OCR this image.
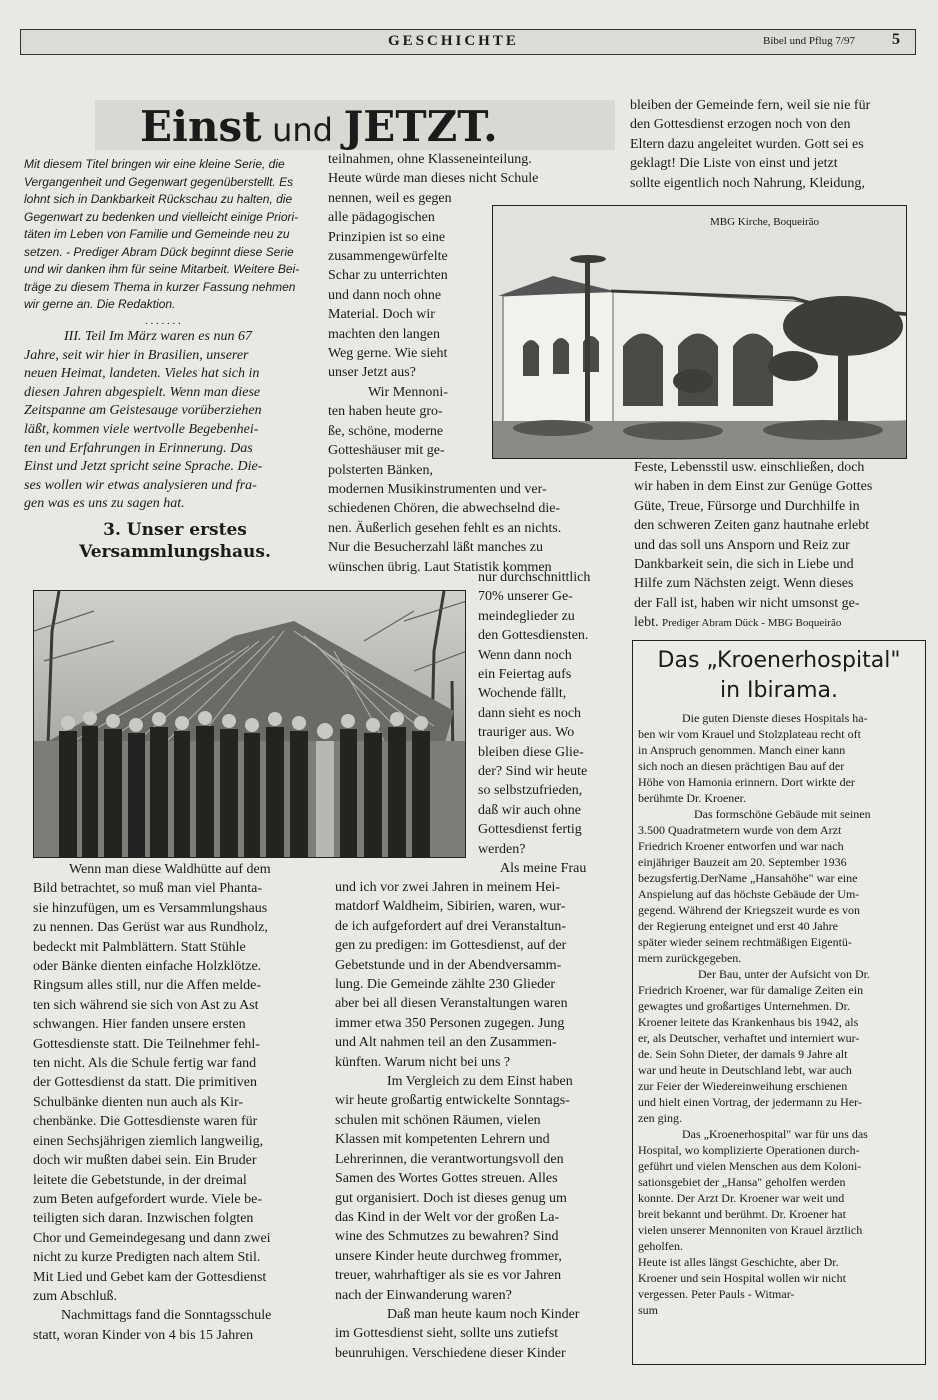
GESCHICHTE	Bibel und Pflug 7/97 5
Einst und JETZT.
Mit diesem Titel bringen wir eine kleine Serie, die
Vergangenheit und Gegenwart gegenüberstellt. Es
lohnt sich in Dankbarkeit Rückschau zu halten, die
Gegenwart zu bedenken und vielleicht einige Priori-
täten im Leben von Familie und Gemeinde neu zu
setzen. - Prediger Abram Dück beginnt diese Serie
und wir danken ihm für seine Mitarbeit. Weitere Bei-
träge zu diesem Thema in kurzer Fassung nehmen
wir gerne an. Die Redaktion.
. . . . . . .
III. Teil Im März waren es nun 67
Jahre, seit wir hier in Brasilien, unserer
neuen Heimat, landeten. Vieles hat sich in
diesen Jahren abgespielt. Wenn man diese
Zeitspanne am Geistesauge vorüberziehen
läßt, kommen viele wertvolle Begebenhei-
ten und Erfahrungen in Erinnerung. Das
Einst und Jetzt spricht seine Sprache. Die-
ses wollen wir etwas analysieren und fra-
gen was es uns zu sagen hat.
3. Unser erstes
Versammlungshaus.
Wenn man diese Waldhütte auf dem
Bild betrachtet, so muß man viel Phanta-
sie hinzufügen, um es Versammlungshaus
zu nennen. Das Gerüst war aus Rundholz,
bedeckt mit Palmblättern. Statt Stühle
oder Bänke dienten einfache Holzklötze.
Ringsum alles still, nur die Affen melde-
ten sich während sie sich von Ast zu Ast
schwangen. Hier fanden unsere ersten
Gottesdienste statt. Die Teilnehmer fehl-
ten nicht. Als die Schule fertig war fand
der Gottesdienst da statt. Die primitiven
Schulbänke dienten nun auch als Kir-
chenbänke. Die Gottesdienste waren für
einen Sechsjährigen ziemlich langweilig,
doch wir mußten dabei sein. Ein Bruder
leitete die Gebetstunde, in der dreimal
zum Beten aufgefordert wurde. Viele be-
teiligten sich daran. Inzwischen folgten
Chor und Gemeindegesang und dann zwei
nicht zu kurze Predigten nach altem Stil.
Mit Lied und Gebet kam der Gottesdienst
zum Abschluß.
Nachmittags fand die Sonntagsschule
statt, woran Kinder von 4 bis 15 Jahren
teilnahmen, ohne Klasseneinteilung.
Heute würde man dieses nicht Schule
nennen, weil es gegen
alle pädagogischen
Prinzipien ist so eine
zusammengewürfelte
Schar zu unterrichten
und dann noch ohne
Material. Doch wir
machten den langen
Weg gerne. Wie sieht
unser Jetzt aus?
Wir Mennoni-
ten haben heute gro-
ße, schöne, moderne
Gotteshäuser mit ge-
polsterten Bänken,
modernen Musikinstrumenten und ver-
schiedenen Chören, die abwechselnd die-
nen. Äußerlich gesehen fehlt es an nichts.
Nur die Besucherzahl läßt manches zu
wünschen übrig. Laut Statistik kommen
nur durchschnittlich
70% unserer Ge-
meindeglieder zu
den Gottesdiensten.
Wenn dann noch
ein Feiertag aufs
Wochende fällt,
dann sieht es noch
trauriger aus. Wo
bleiben diese Glie-
der? Sind wir heute
so selbstzufrieden,
daß wir auch ohne
Gottesdienst fertig
werden?
Als meine Frau
und ich vor zwei Jahren in meinem Hei-
matdorf Waldheim, Sibirien, waren, wur-
de ich aufgefordert auf drei Veranstaltun-
gen zu predigen: im Gottesdienst, auf der
Gebetstunde und in der Abendversamm-
lung. Die Gemeinde zählte 230 Glieder
aber bei all diesen Veranstaltungen waren
immer etwa 350 Personen zugegen. Jung
und Alt nahmen teil an den Zusammen-
künften. Warum nicht bei uns ?
Im Vergleich zu dem Einst haben
wir heute großartig entwickelte Sonntags-
schulen mit schönen Räumen, vielen
Klassen mit kompetenten Lehrern und
Lehrerinnen, die verantwortungsvoll den
Samen des Wortes Gottes streuen. Alles
gut organisiert. Doch ist dieses genug um
das Kind in der Welt vor der großen La-
wine des Schmutzes zu bewahren? Sind
unsere Kinder heute durchweg frommer,
treuer, wahrhaftiger als sie es vor Jahren
nach der Einwanderung waren?
Daß man heute kaum noch Kinder
im Gottesdienst sieht, sollte uns zutiefst
beunruhigen. Verschiedene dieser Kinder
bleiben der Gemeinde fern, weil sie nie für
den Gottesdienst erzogen noch von den
Eltern dazu angeleitet wurden. Gott sei es
geklagt! Die Liste von einst und jetzt
sollte eigentlich noch Nahrung, Kleidung,
MBG Kirche, Boqueirão
Feste, Lebensstil usw. einschließen, doch
wir haben in dem Einst zur Genüge Gottes
Güte, Treue, Fürsorge und Durchhilfe in
den schweren Zeiten ganz hautnahe erlebt
und das soll uns Ansporn und Reiz zur
Dankbarkeit sein, die sich in Liebe und
Hilfe zum Nächsten zeigt. Wenn dieses
der Fall ist, haben wir nicht umsonst ge-
lebt. Prediger Abram Dück - MBG Boqueirão
Das „Kroenerhospital"
in Ibirama.
Die guten Dienste dieses Hospitals ha-
ben wir vom Krauel und Stolzplateau recht oft
in Anspruch genommen. Manch einer kann
sich noch an diesen prächtigen Bau auf der
Höhe von Hamonia erinnern. Dort wirkte der
berühmte Dr. Kroener.
Das formschöne Gebäude mit seinen
3.500 Quadratmetern wurde von dem Arzt
Friedrich Kroener entworfen und war nach
einjähriger Bauzeit am 20. September 1936
bezugsfertig.DerName „Hansahöhe" war eine
Anspielung auf das höchste Gebäude der Um-
gegend. Während der Kriegszeit wurde es von
der Regierung enteignet und erst 40 Jahre
später wieder seinem rechtmäßigen Eigentü-
mern zurückgegeben.
Der Bau, unter der Aufsicht von Dr.
Friedrich Kroener, war für damalige Zeiten ein
gewagtes und großartiges Unternehmen. Dr.
Kroener leitete das Krankenhaus bis 1942, als
er, als Deutscher, verhaftet und interniert wur-
de. Sein Sohn Dieter, der damals 9 Jahre alt
war und heute in Deutschland lebt, war auch
zur Feier der Wiedereinweihung erschienen
und hielt einen Vortrag, der jedermann zu Her-
zen ging.
Das „Kroenerhospital" war für uns das
Hospital, wo komplizierte Operationen durch-
geführt und vielen Menschen aus dem Koloni-
sationsgebiet der „Hansa" geholfen werden
konnte. Der Arzt Dr. Kroener war weit und
breit bekannt und berühmt. Dr. Kroener hat
vielen unserer Mennoniten von Krauel ärztlich
geholfen.
Heute ist alles längst Geschichte, aber Dr.
Kroener und sein Hospital wollen wir nicht
vergessen. Peter Pauls - Witmar-
sum
